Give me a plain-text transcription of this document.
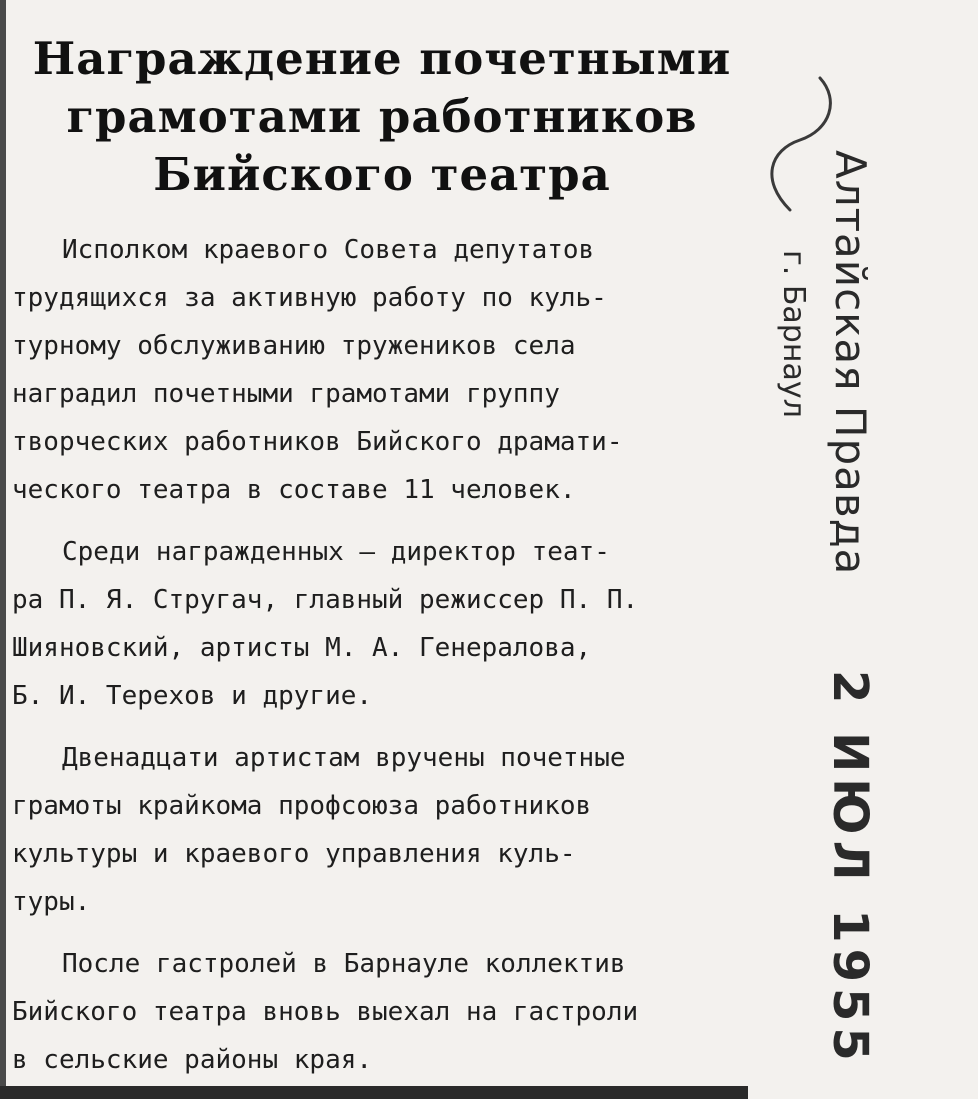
Награждение почетными
грамотами работников
Бийского театра
Исполком краевого Совета депутатов
трудящихся за активную работу по куль-
турному обслуживанию тружеников села
наградил почетными грамотами группу
творческих работников Бийского драмати-
ческого театра в составе 11 человек.
Среди награжденных — директор теат-
ра П. Я. Стругач, главный режиссер П. П.
Шияновский, артисты М. А. Генералова,
Б. И. Терехов и другие.
Двенадцати артистам вручены почетные
грамоты крайкома профсоюза работников
культуры и краевого управления куль-
туры.
После гастролей в Барнауле коллектив
Бийского театра вновь выехал на гастроли
в сельские районы края.
Алтайская Правда
г. Барнаул
2 ИЮЛ 1955
